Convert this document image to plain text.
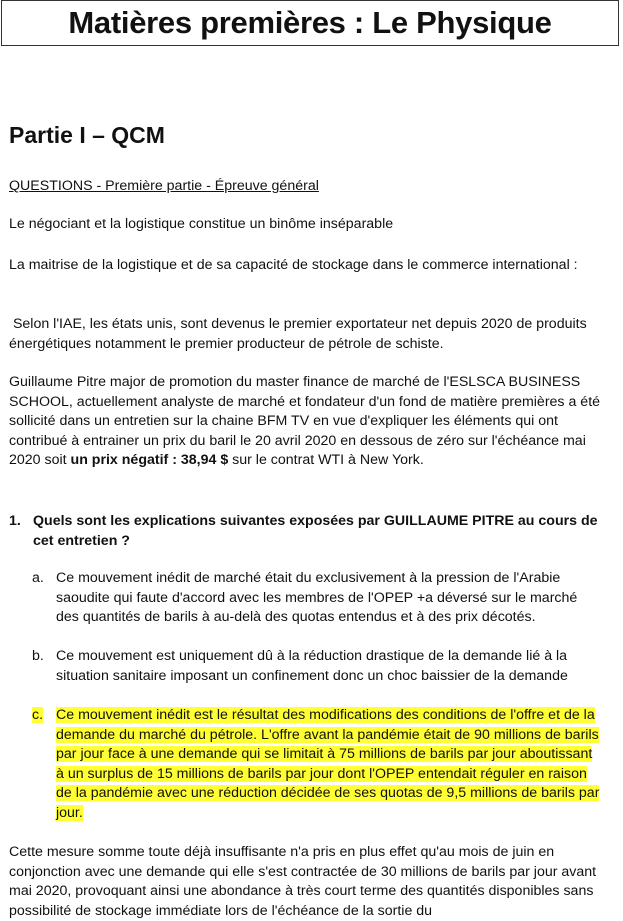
Matières premières : Le Physique
Partie I – QCM

QUESTIONS - Première partie - Épreuve général

Le négociant et la logistique constitue un binôme inséparable

La maitrise de la logistique et de sa capacité de stockage dans le commerce international :

Selon l'IAE, les états unis, sont devenus le premier exportateur net depuis 2020 de produits énergétiques notamment le premier producteur de pétrole de schiste.

Guillaume Pitre major de promotion du master finance de marché de l'ESLSCA BUSINESS SCHOOL, actuellement analyste de marché et fondateur d'un fond de matière premières a été sollicité dans un entretien sur la chaine BFM TV en vue d'expliquer les éléments qui ont contribué à entrainer un prix du baril le 20 avril 2020 en dessous de zéro sur l'échéance mai 2020 soit un prix négatif : 38,94 $ sur le contrat WTI à New York.

1. Quels sont les explications suivantes exposées par GUILLAUME PITRE au cours de cet entretien ?
a. Ce mouvement inédit de marché était du exclusivement à la pression de l'Arabie saoudite qui faute d'accord avec les membres de l'OPEP +a déversé sur le marché des quantités de barils à au-delà des quotas entendus et à des prix décotés.
b. Ce mouvement est uniquement dû à la réduction drastique de la demande lié à la situation sanitaire imposant un confinement donc un choc baissier de la demande
c. Ce mouvement inédit est le résultat des modifications des conditions de l'offre et de la demande du marché du pétrole. L'offre avant la pandémie était de 90 millions de barils par jour face à une demande qui se limitait à 75 millions de barils par jour aboutissant à un surplus de 15 millions de barils par jour dont l'OPEP entendait réguler en raison de la pandémie avec une réduction décidée de ses quotas de 9,5 millions de barils par jour.

Cette mesure somme toute déjà insuffisante n'a pris en plus effet qu'au mois de juin en conjonction avec une demande qui elle s'est contractée de 30 millions de barils par jour avant mai 2020, provoquant ainsi une abondance à très court terme des quantités disponibles sans possibilité de stockage immédiate lors de l'échéance de la sortie du
